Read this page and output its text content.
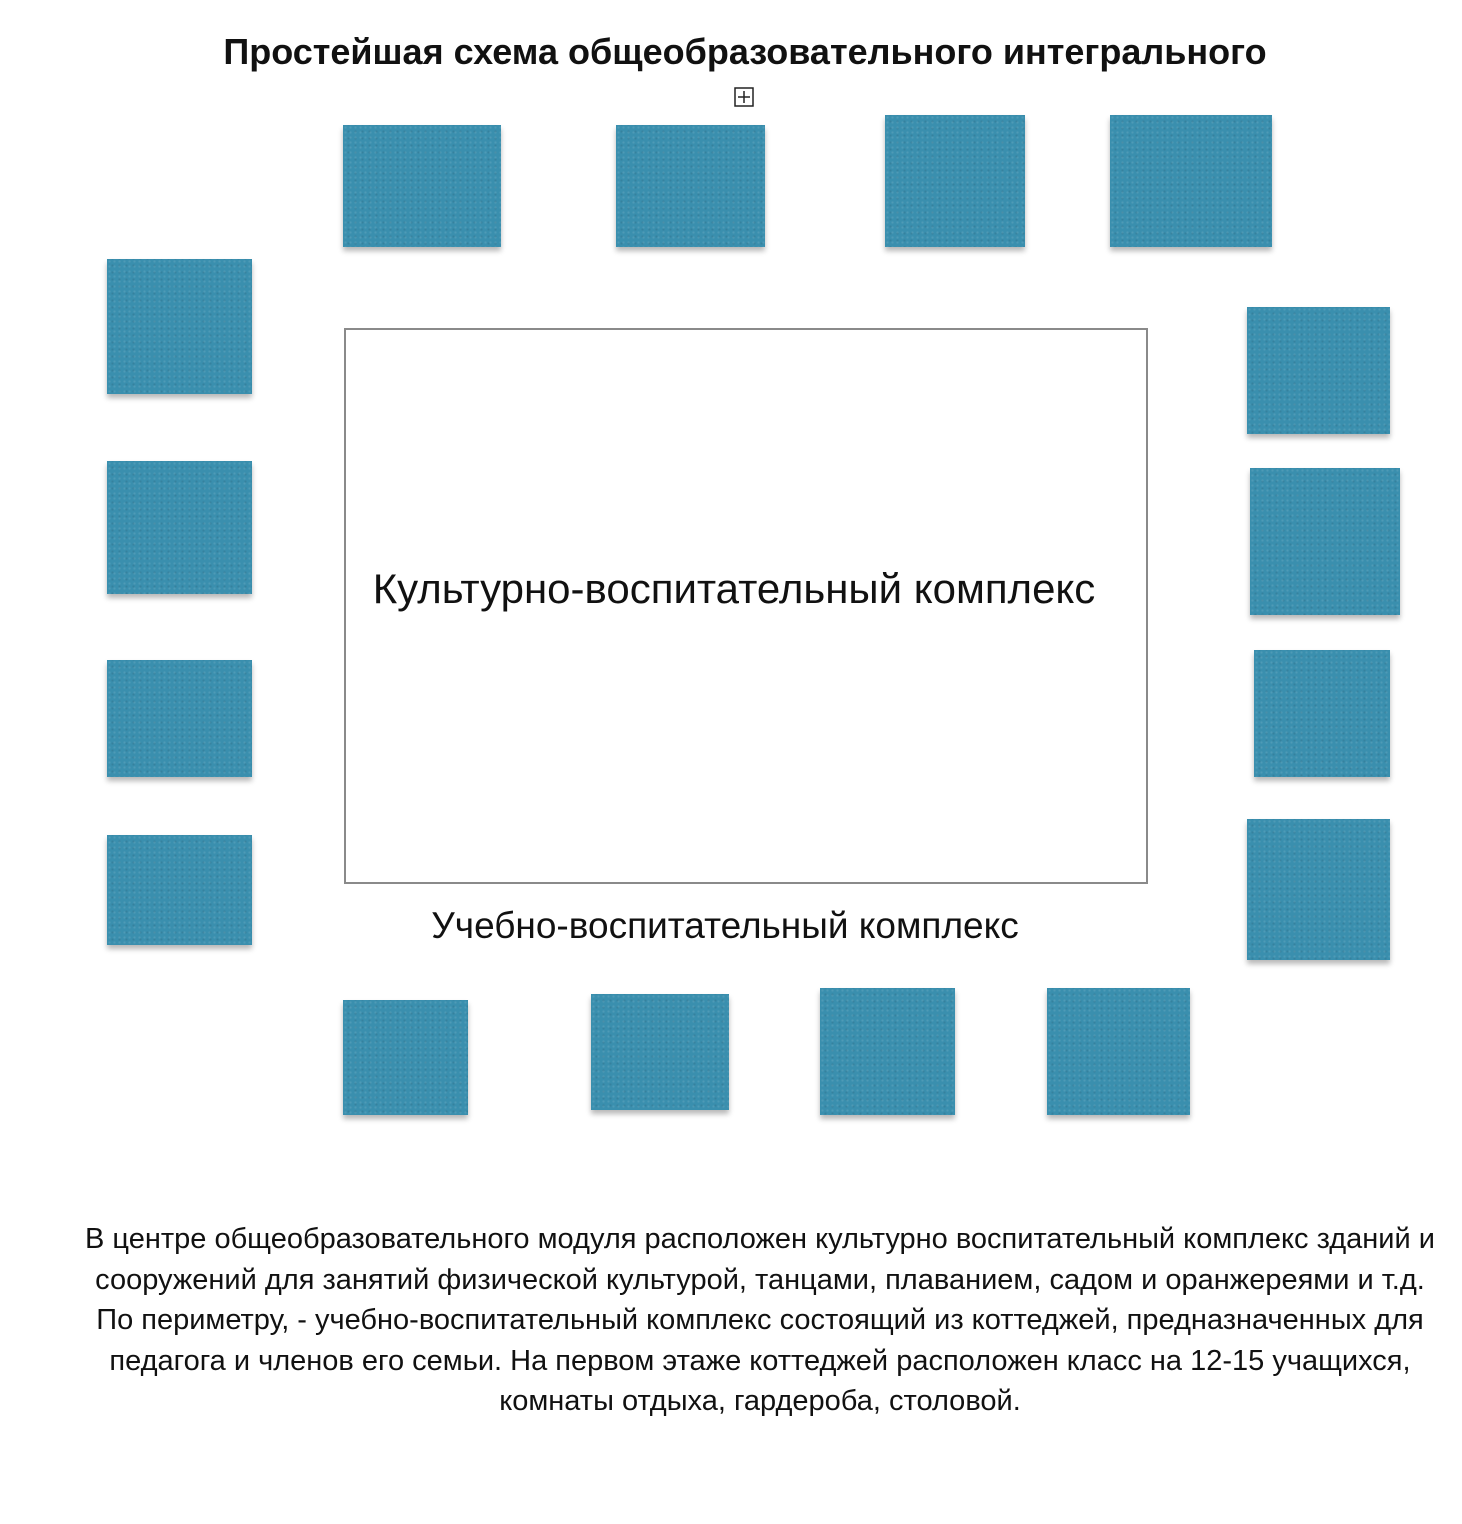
Простейшая схема общеобразовательного интегрального
Культурно-воспитательный комплекс
Учебно-воспитательный комплекс

В центре общеобразовательного модуля расположен культурно воспитательный комплекс зданий и сооружений для занятий физической культурой, танцами, плаванием, садом и оранжереями и т.д.

По периметру, - учебно-воспитательный комплекс состоящий из коттеджей, предназначенных для педагога и членов его семьи. На первом этаже коттеджей расположен класс на 12-15 учащихся, комнаты отдыха, гардероба, столовой.
